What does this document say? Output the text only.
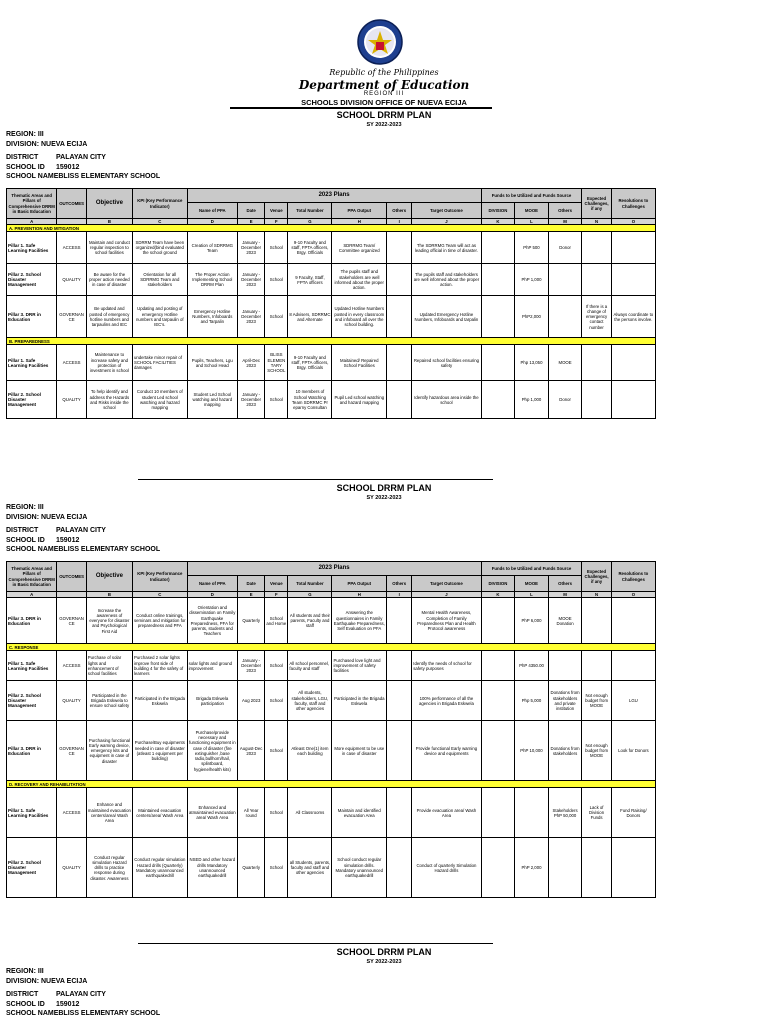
Republic of the Philippines
Department of Education
REGION III
SCHOOLS DIVISION OFFICE OF NUEVA ECIJA
SCHOOL DRRM PLAN
SY 2022-2023
REGION: III
DIVISION: NUEVA ECIJA
DISTRICT	PALAYAN CITY
SCHOOL ID 159012
SCHOOL NAMEBLISS ELEMENTARY SCHOOL
Thematic Areas and Pillars of Comprehensive DRRM in Basic Education	OUTCOMES	Objective	KPI (Key Performance Indicator)	2023 Plans							Funds to be Utilized and Funds Source			Expected Challenges, if any	Resolutions to Challenges
				Name of PPA	Date	Venue	Total Number	PPA Output	Others	Target Outcome	DIVISION	MOOE	Others		
A		B	C	D	E	F	G	H	I	J	K	L	M	N	O
A. PREVENTION AND MITIGATION															
Pillar 1. Safe Learning Facilities	ACCESS	Maintain and conduct regular inspection to school facilities	SDRRM Team have been organized(bind evaluated the school ground	Creation of SDRRMG Team	January - December 2023	School	9-10 Faculty and staff, FPTA officers, Brgy. Officials	SDRRMG Team/ Committee organized		The SDRRMG Team will act as leading official in time of disaster.		PhP 500	Donor		
Pillar 2. School Disaster Management	QUALITY	Be aware for the proper action needed in case of disaster	Orientation for all SDRRMG Team and stakeholders	The Proper Action Implementing School DRRM Plan	January - December 2023	School	9 Faculty, Staff, FPTA officers	The pupils staff and stakeholders are well informed about the proper action.		The pupils staff and stakeholders are well informed about the proper action.		PhP 1,000			
Pillar 3. DRR in Education	GOVERNANCE	Be updated and posted of emergency hotline numbers and tarpaulins and IEC	Updating and posting of emergency Hotline numbers and tarpaulin of IEC's.	Emergency Hotline Numbers, Infoboards and Tarpalin	January - December 2023	School	8 Advisers, SDRRMC and Alternate	Updated Hotline Numbers posted in every classroom and infoboard all over the school building.		Updated Emergency Hotline Numbers, Infoboards and tarpalin		PhP2,000		If there is a change of emergency contact number	Always coordinate to the persons involve.
B. PREPAREDNESS															
Pillar 1. Safe Learning Facilities	ACCESS	Maintenance to increase safety and protection of investment in school	undertake minor repair of SCHOOL FACILITIES damages	Pupils, Teachers, Lgu and School Head	April-Dec 2023	BLISS ELEMENTARY SCHOOL	9-10 Faculty and staff, FPTA officers, Brgy. Officials	Maitained/ Repaired School Facilities		Repaired school facilities ensuring safety		Php 13,050	MOOE		
Pillar 2. School Disaster Management	QUALITY	To help identify and address the Hazards and Risks inside the school	Conduct 10 members of student Led school watching and hazard mapping	Student Led School watching and hazard mapping	January - December 2023	School	10 members of School Watching Team SDRRMC Pr eparny Consultan	Pupil Led school watching and hazard mapping		Identify hazardous area inside the school		Php 1,000	Donor		
SCHOOL DRRM PLAN
SY 2022-2023
REGION: III
DIVISION: NUEVA ECIJA
DISTRICT	PALAYAN CITY
SCHOOL ID 159012
SCHOOL NAMEBLISS ELEMENTARY SCHOOL
Thematic Areas and Pillars of Comprehensive DRRM in Basic Education	OUTCOMES	Objective	KPI (Key Performance Indicator)	2023 Plans							Funds to be Utilized and Funds Source			Expected Challenges, if any	Resolutions to Challenges
				Name of PPA	Date	Venue	Total Number	PPA Output	Others	Target Outcome	DIVISION	MOOE	Others		
A		B	C	D	E	F	G	H	I	J	K	L	M	N	O
Pillar 3. DRR in Education	GOVERNANCE	Increase the awareness of everyone for disaster and Psychological First Aid	Conduct online trainings, seminars and mitigation for preparedness and PFA	Orientation and dissemination on Family Earthquake Preparedness, PFA for parents, students and Teachers	Quarterly	School and Home	All students and their parents, Faculty and staff	Answering the questionnaires in Family Earthquake Preparedness, Self Evaluation on PFA		Mental Health Awareness, Completion of Family Preparedness Plan and Health Protocol awareness		PhP 6,000	MOOE Donation		
C. RESPONSE															
Pillar 1. Safe Learning Facilities	ACCESS	Purchase of solar lights and enhancement of school facilities	Purchased 2 solar lights improve front side of building 4 for the safety of learners	solar lights and ground improvement	January - December 2023	School	All school personnel, faculty and staff	Purchased love light and improvement of safety facilities		Identify the needs of school for safety purposes		PhP 4350.00			
Pillar 2. School Disaster Management	QUALITY	Participated in the Brigada Eskwela to ensure school safety	Participated in the Brigada Eskwela	Brigada Eskwela participation	Aug 2023	School	All students, stakeholders, LGU, faculty, staff and other agencies	Participated in the Brigada Eskwela		100% performance of all the agencies in Brigada Eskwela		Php 5,000	Donations from stakeholders and private institution	Not enough budget from MOOE	LGU
Pillar 3. DRR in Education	GOVERNANCE	Purchasing functional Early warning device, emergency kits and equipment in case of disaster	Purchase/Buy equipments needed in case of disaster (atleast 1 equipment per building)	Purchase/provide necessary and functioning equipment in case of disaster (fire extinguisher ,base radio,bullhorn/hail, splintboard, hygiene/health kits)	August-Dec 2023	School	Atleast One(1) item each building	More equipment to be use in case of disaster		Provide functional Early warning device and equipments		PhP 10,000	Donations from stakeholders	Not enough budget from MOOE	Look for Donors
D. RECOVERY AND REHABILITATION															
Pillar 1. Safe Learning Facilities	ACCESS	Enhance and maintained evacuation centers/area/ Wash Area	Maintained evacuation centers/area/ Wash Area	Enhanced and atmaintained evacuation area/ Wash Area	All Year round	School	All Classrooms	Maintain and identified evacuation Area		Provide evacuation area/ Wash Area			Stakeholders PhP 50,000	Lack of Division Funds	Fund Raising/ Donors
Pillar 2. School Disaster Management	QUALITY	Conduct regular simulation Hazard drills to practice response during disaster. Awareness	Conduct regular simulation Hazard drills (Quarterly) Mandatory unannounced earthquakedrill	NSED and other hazard drills Mandatory unannounced earthquakedrill	Quarterly	School	all Students, parents, faculty and staff and other agencies	School conduct regular simulation drills. Mandatory unannounced earthquakedrill		Conduct of quarterly Simulation Hazard drills		PhP 2,000			
SCHOOL DRRM PLAN
SY 2022-2023
REGION: III
DIVISION: NUEVA ECIJA
DISTRICT	PALAYAN CITY
SCHOOL ID 159012
SCHOOL NAMEBLISS ELEMENTARY SCHOOL
